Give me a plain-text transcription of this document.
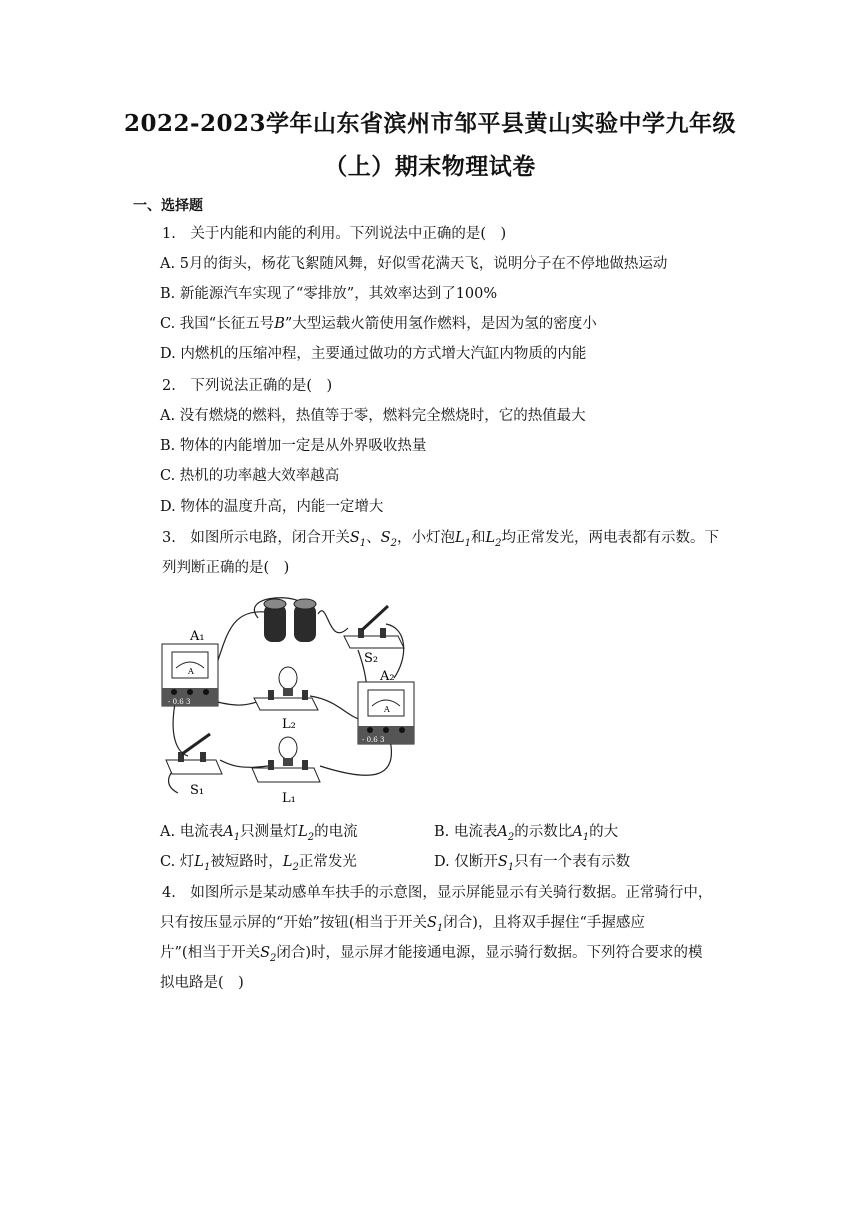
2022-2023学年山东省滨州市邹平县黄山实验中学九年级
（上）期末物理试卷
一、选择题
1.　关于内能和内能的利用。下列说法中正确的是(　)
A. 5月的街头，杨花飞絮随风舞，好似雪花满天飞，说明分子在不停地做热运动
B. 新能源汽车实现了“零排放”，其效率达到了100%
C. 我国“长征五号B”大型运载火箭使用氢作燃料，是因为氢的密度小
D. 内燃机的压缩冲程，主要通过做功的方式增大汽缸内物质的内能
2.　下列说法正确的是(　)
A. 没有燃烧的燃料，热值等于零，燃料完全燃烧时，它的热值最大
B. 物体的内能增加一定是从外界吸收热量
C. 热机的功率越大效率越高
D. 物体的温度升高，内能一定增大
3.　如图所示电路，闭合开关$S_1$、$S_2$，小灯泡$L_1$和$L_2$均正常发光，两电表都有示数。下
列判断正确的是(　)
S₂
A
- 0.6 3
A₁
L₂
A
- 0.6 3
A₂
S₁
L₁
A. 电流表$A_1$只测量灯$L_2$的电流	B. 电流表$A_2$的示数比$A_1$的大
C. 灯$L_1$被短路时，$L_2$正常发光	D. 仅断开$S_1$只有一个表有示数
4.　如图所示是某动感单车扶手的示意图，显示屏能显示有关骑行数据。正常骑行中，
只有按压显示屏的“开始”按钮(相当于开关$S_1$闭合)，且将双手握住“手握感应
片”(相当于开关$S_2$闭合)时，显示屏才能接通电源，显示骑行数据。下列符合要求的模
拟电路是(　)
